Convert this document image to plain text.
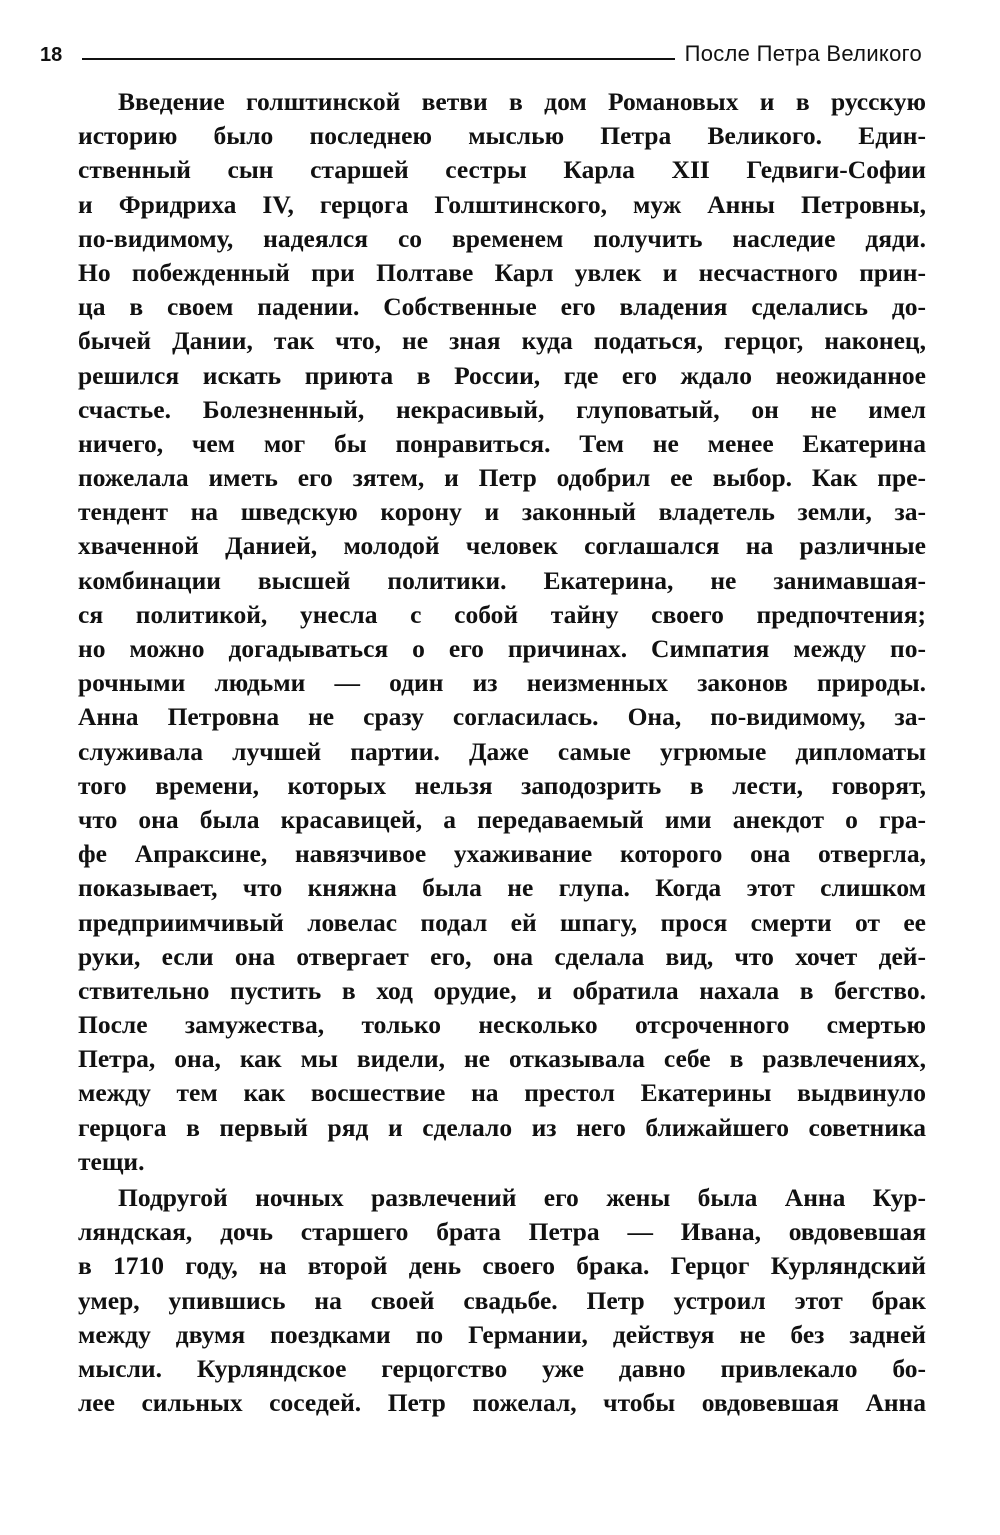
18	После Петра Великого
Введение голштинской ветви в дом Романовых и в русскую
историю было последнею мыслью Петра Великого. Един-
ственный сын старшей сестры Карла XII Гедвиги-Софии
и Фридриха IV, герцога Голштинского, муж Анны Петровны,
по-видимому, надеялся со временем получить наследие дяди.
Но побежденный при Полтаве Карл увлек и несчастного прин-
ца в своем падении. Собственные его владения сделались до-
бычей Дании, так что, не зная куда податься, герцог, наконец,
решился искать приюта в России, где его ждало неожиданное
счастье. Болезненный, некрасивый, глуповатый, он не имел
ничего, чем мог бы понравиться. Тем не менее Екатерина
пожелала иметь его зятем, и Петр одобрил ее выбор. Как пре-
тендент на шведскую корону и законный владетель земли, за-
хваченной Данией, молодой человек соглашался на различные
комбинации высшей политики. Екатерина, не занимавшая-
ся политикой, унесла с собой тайну своего предпочтения;
но можно догадываться о его причинах. Симпатия между по-
рочными людьми — один из неизменных законов природы.
Анна Петровна не сразу согласилась. Она, по-видимому, за-
служивала лучшей партии. Даже самые угрюмые дипломаты
того времени, которых нельзя заподозрить в лести, говорят,
что она была красавицей, а передаваемый ими анекдот о гра-
фе Апраксине, навязчивое ухаживание которого она отвергла,
показывает, что княжна была не глупа. Когда этот слишком
предприимчивый ловелас подал ей шпагу, прося смерти от ее
руки, если она отвергает его, она сделала вид, что хочет дей-
ствительно пустить в ход орудие, и обратила нахала в бегство.
После замужества, только несколько отсроченного смертью
Петра, она, как мы видели, не отказывала себе в развлечениях,
между тем как восшествие на престол Екатерины выдвинуло
герцога в первый ряд и сделало из него ближайшего советника
тещи.
Подругой ночных развлечений его жены была Анна Кур-
ляндская, дочь старшего брата Петра — Ивана, овдовевшая
в 1710 году, на второй день своего брака. Герцог Курляндский
умер, упившись на своей свадьбе. Петр устроил этот брак
между двумя поездками по Германии, действуя не без задней
мысли. Курляндское герцогство уже давно привлекало бо-
лее сильных соседей. Петр пожелал, чтобы овдовевшая Анна
